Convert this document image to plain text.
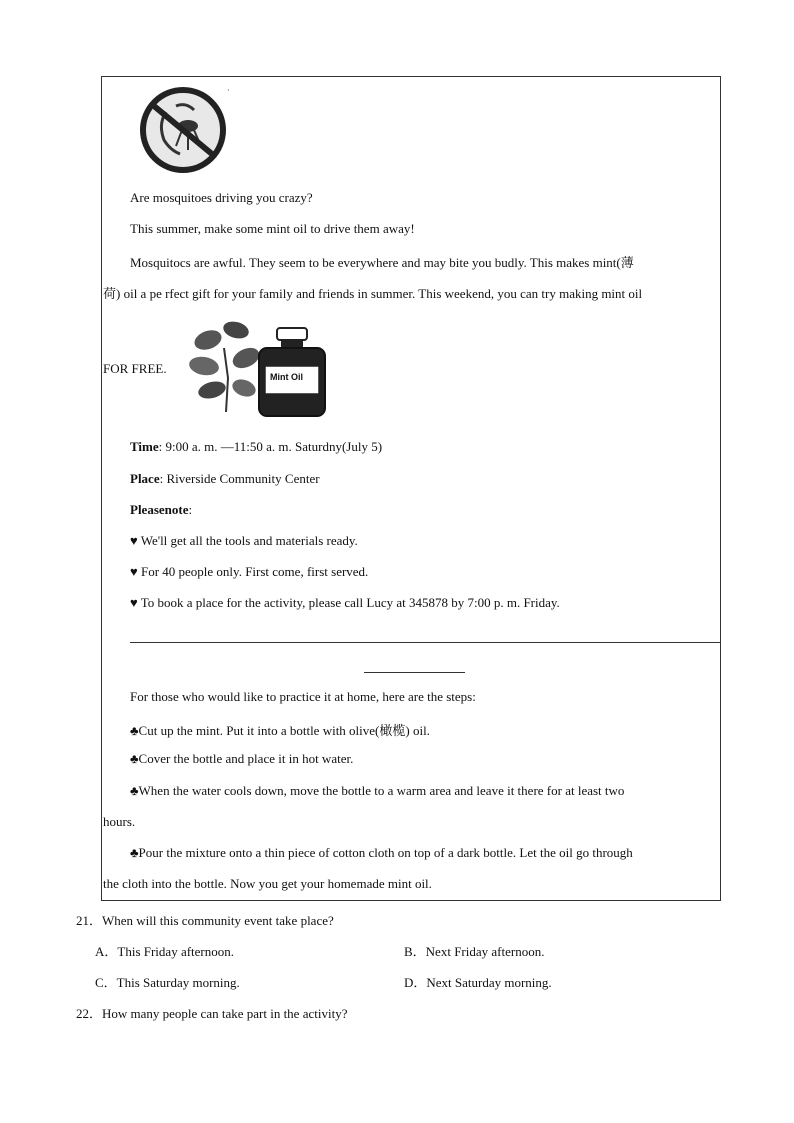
·
Are mosquitoes driving you crazy?
This summer, make some mint oil to drive them away!
Mosquitocs are awful. They seem to be everywhere and may bite you budly. This makes mint(薄
荷) oil a pe rfect gift for your family and friends in summer. This weekend, you can try making mint oil
FOR FREE.
Mint Oil
Time: 9:00 a. m. —11:50 a. m. Saturdny(July 5)
Place: Riverside Community Center
Pleasenote:
♥ We'll get all the tools and materials ready.
♥ For 40 people only. First come, first served.
♥ To book a place for the activity, please call Lucy at 345878 by 7:00 p. m. Friday.
For those who would like to practice it at home, here are the steps:
♣Cut up the mint. Put it into a bottle with olive(橄榄) oil.
♣Cover the bottle and place it in hot water.
♣When the water cools down, move the bottle to a warm area and leave it there for at least two
hours.
♣Pour the mixture onto a thin piece of cotton cloth on top of a dark bottle. Let the oil go through
the cloth into the bottle. Now you get your homemade mint oil.
21．When will this community event take place?
A．This Friday afternoon.	B．Next Friday afternoon.
C．This Saturday morning.	D．Next Saturday morning.
22．How many people can take part in the activity?
